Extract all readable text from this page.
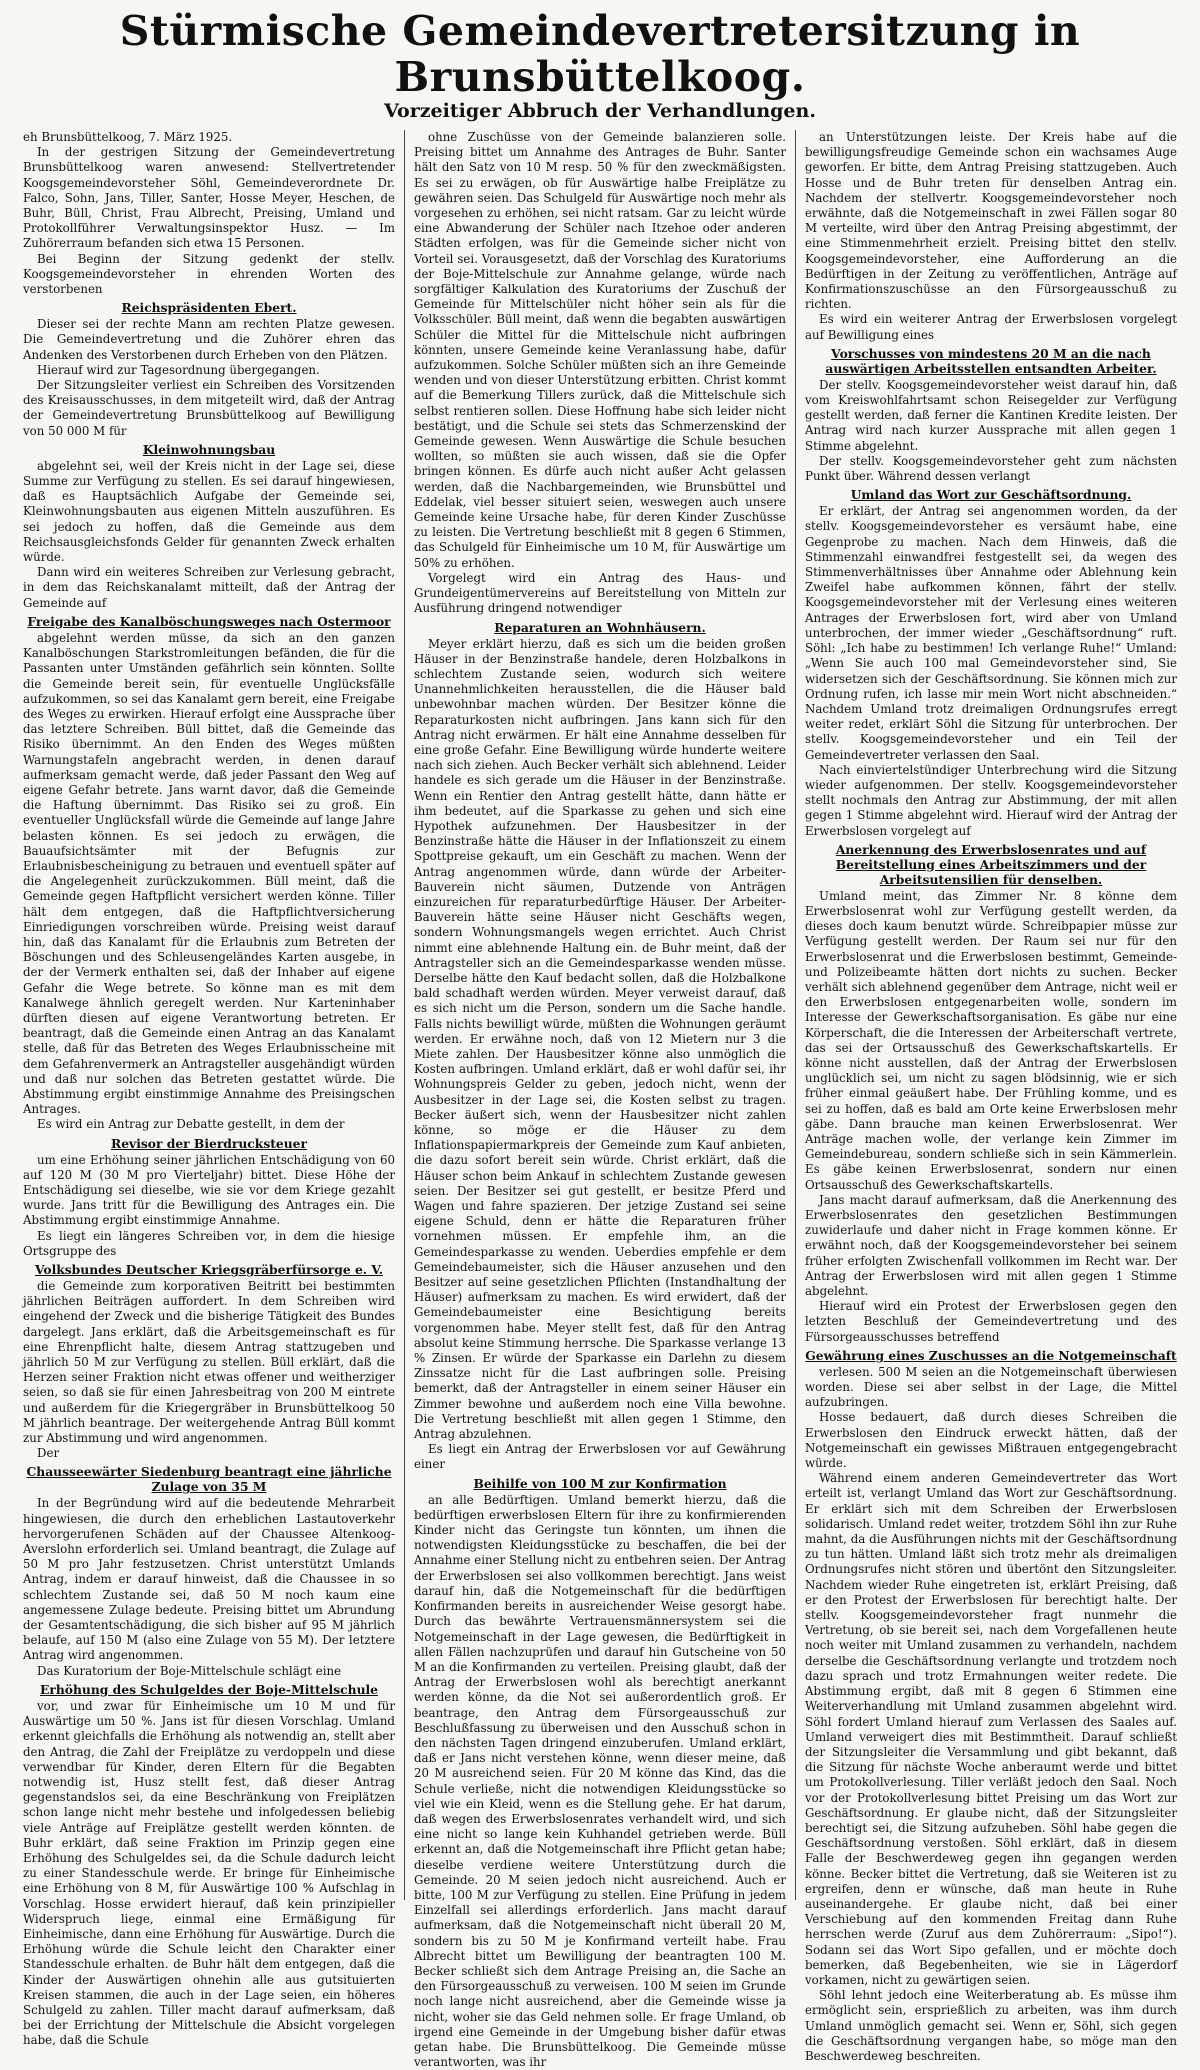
Stürmische Gemeindevertretersitzung in Brunsbüttelkoog.
Vorzeitiger Abbruch der Verhandlungen.

eh Brunsbüttelkoog, 7. März 1925.

In der gestrigen Sitzung der Gemeindevertretung Brunsbüttelkoog waren anwesend: Stellvertretender Koogsgemeindevorsteher Söhl, Gemeindeverordnete Dr. Falco, Sohn, Jans, Tiller, Santer, Hosse Meyer, Heschen, de Buhr, Büll, Christ, Frau Albrecht, Preising, Umland und Protokollführer Verwaltungsinspektor Husz. — Im Zuhörerraum befanden sich etwa 15 Personen.

Bei Beginn der Sitzung gedenkt der stellv. Koogsgemeindevorsteher in ehrenden Worten des verstorbenen

Reichspräsidenten Ebert.

Dieser sei der rechte Mann am rechten Platze gewesen. Die Gemeindevertretung und die Zuhörer ehren das Andenken des Verstorbenen durch Erheben von den Plätzen.

Hierauf wird zur Tagesordnung übergegangen.

Der Sitzungsleiter verliest ein Schreiben des Vorsitzenden des Kreisausschusses, in dem mitgeteilt wird, daß der Antrag der Gemeindevertretung Brunsbüttelkoog auf Bewilligung von 50 000 M für

Kleinwohnungsbau

abgelehnt sei, weil der Kreis nicht in der Lage sei, diese Summe zur Verfügung zu stellen. Es sei darauf hingewiesen, daß es Hauptsächlich Aufgabe der Gemeinde sei, Kleinwohnungsbauten aus eigenen Mitteln auszuführen. Es sei jedoch zu hoffen, daß die Gemeinde aus dem Reichsausgleichsfonds Gelder für genannten Zweck erhalten würde.

Dann wird ein weiteres Schreiben zur Verlesung gebracht, in dem das Reichskanalamt mitteilt, daß der Antrag der Gemeinde auf

Freigabe des Kanalböschungsweges nach Ostermoor

abgelehnt werden müsse, da sich an den ganzen Kanalböschungen Starkstromleitungen befänden, die für die Passanten unter Umständen gefährlich sein könnten. Sollte die Gemeinde bereit sein, für eventuelle Unglücksfälle aufzukommen, so sei das Kanalamt gern bereit, eine Freigabe des Weges zu erwirken. Hierauf erfolgt eine Aussprache über das letztere Schreiben. Büll bittet, daß die Gemeinde das Risiko übernimmt. An den Enden des Weges müßten Warnungstafeln angebracht werden, in denen darauf aufmerksam gemacht werde, daß jeder Passant den Weg auf eigene Gefahr betrete. Jans warnt davor, daß die Gemeinde die Haftung übernimmt. Das Risiko sei zu groß. Ein eventueller Unglücksfall würde die Gemeinde auf lange Jahre belasten können. Es sei jedoch zu erwägen, die Bauaufsichtsämter mit der Befugnis zur Erlaubnisbescheinigung zu betrauen und eventuell später auf die Angelegenheit zurückzukommen. Büll meint, daß die Gemeinde gegen Haftpflicht versichert werden könne. Tiller hält dem entgegen, daß die Haftpflichtversicherung Einriedigungen vorschreiben würde. Preising weist darauf hin, daß das Kanalamt für die Erlaubnis zum Betreten der Böschungen und des Schleusengeländes Karten ausgebe, in der der Vermerk enthalten sei, daß der Inhaber auf eigene Gefahr die Wege betrete. So könne man es mit dem Kanalwege ähnlich geregelt werden. Nur Karteninhaber dürften diesen auf eigene Verantwortung betreten. Er beantragt, daß die Gemeinde einen Antrag an das Kanalamt stelle, daß für das Betreten des Weges Erlaubnisscheine mit dem Gefahrenvermerk an Antragsteller ausgehändigt würden und daß nur solchen das Betreten gestattet würde. Die Abstimmung ergibt einstimmige Annahme des Preisingschen Antrages.

Es wird ein Antrag zur Debatte gestellt, in dem der

Revisor der Bierdrucksteuer

um eine Erhöhung seiner jährlichen Entschädigung von 60 auf 120 M (30 M pro Vierteljahr) bittet. Diese Höhe der Entschädigung sei dieselbe, wie sie vor dem Kriege gezahlt wurde. Jans tritt für die Bewilligung des Antrages ein. Die Abstimmung ergibt einstimmige Annahme.

Es liegt ein längeres Schreiben vor, in dem die hiesige Ortsgruppe des

Volksbundes Deutscher Kriegsgräberfürsorge e. V.

die Gemeinde zum korporativen Beitritt bei bestimmten jährlichen Beiträgen auffordert. In dem Schreiben wird eingehend der Zweck und die bisherige Tätigkeit des Bundes dargelegt. Jans erklärt, daß die Arbeitsgemeinschaft es für eine Ehrenpflicht halte, diesem Antrag stattzugeben und jährlich 50 M zur Verfügung zu stellen. Büll erklärt, daß die Herzen seiner Fraktion nicht etwas offener und weitherziger seien, so daß sie für einen Jahresbeitrag von 200 M eintrete und außerdem für die Kriegergräber in Brunsbüttelkoog 50 M jährlich beantrage. Der weitergehende Antrag Büll kommt zur Abstimmung und wird angenommen.

Der

Chausseewärter Siedenburg beantragt eine jährliche Zulage von 35 M

In der Begründung wird auf die bedeutende Mehrarbeit hingewiesen, die durch den erheblichen Lastautoverkehr hervorgerufenen Schäden auf der Chaussee Altenkoog-Averslohn erforderlich sei. Umland beantragt, die Zulage auf 50 M pro Jahr festzusetzen. Christ unterstützt Umlands Antrag, indem er darauf hinweist, daß die Chaussee in so schlechtem Zustande sei, daß 50 M noch kaum eine angemessene Zulage bedeute. Preising bittet um Abrundung der Gesamtentschädigung, die sich bisher auf 95 M jährlich belaufe, auf 150 M (also eine Zulage von 55 M). Der letztere Antrag wird angenommen.

Das Kuratorium der Boje-Mittelschule schlägt eine

Erhöhung des Schulgeldes der Boje-Mittelschule

vor, und zwar für Einheimische um 10 M und für Auswärtige um 50 %. Jans ist für diesen Vorschlag. Umland erkennt gleichfalls die Erhöhung als notwendig an, stellt aber den Antrag, die Zahl der Freiplätze zu verdoppeln und diese verwendbar für Kinder, deren Eltern für die Begabten notwendig ist, Husz stellt fest, daß dieser Antrag gegenstandslos sei, da eine Beschränkung von Freiplätzen schon lange nicht mehr bestehe und infolgedessen beliebig viele Anträge auf Freiplätze gestellt werden könnten. de Buhr erklärt, daß seine Fraktion im Prinzip gegen eine Erhöhung des Schulgeldes sei, da die Schule dadurch leicht zu einer Standesschule werde. Er bringe für Einheimische eine Erhöhung von 8 M, für Auswärtige 100 % Aufschlag in Vorschlag. Hosse erwidert hierauf, daß kein prinzipieller Widerspruch liege, einmal eine Ermäßigung für Einheimische, dann eine Erhöhung für Auswärtige. Durch die Erhöhung würde die Schule leicht den Charakter einer Standesschule erhalten. de Buhr hält dem entgegen, daß die Kinder der Auswärtigen ohnehin alle aus gutsituierten Kreisen stammen, die auch in der Lage seien, ein höheres Schulgeld zu zahlen. Tiller macht darauf aufmerksam, daß bei der Errichtung der Mittelschule die Absicht vorgelegen habe, daß die Schule

ohne Zuschüsse von der Gemeinde balanzieren solle. Preising bittet um Annahme des Antrages de Buhr. Santer hält den Satz von 10 M resp. 50 % für den zweckmäßigsten. Es sei zu erwägen, ob für Auswärtige halbe Freiplätze zu gewähren seien. Das Schulgeld für Auswärtige noch mehr als vorgesehen zu erhöhen, sei nicht ratsam. Gar zu leicht würde eine Abwanderung der Schüler nach Itzehoe oder anderen Städten erfolgen, was für die Gemeinde sicher nicht von Vorteil sei. Vorausgesetzt, daß der Vorschlag des Kuratoriums der Boje-Mittelschule zur Annahme gelange, würde nach sorgfältiger Kalkulation des Kuratoriums der Zuschuß der Gemeinde für Mittelschüler nicht höher sein als für die Volksschüler. Büll meint, daß wenn die begabten auswärtigen Schüler die Mittel für die Mittelschule nicht aufbringen könnten, unsere Gemeinde keine Veranlassung habe, dafür aufzukommen. Solche Schüler müßten sich an ihre Gemeinde wenden und von dieser Unterstützung erbitten. Christ kommt auf die Bemerkung Tillers zurück, daß die Mittelschule sich selbst rentieren sollen. Diese Hoffnung habe sich leider nicht bestätigt, und die Schule sei stets das Schmerzenskind der Gemeinde gewesen. Wenn Auswärtige die Schule besuchen wollten, so müßten sie auch wissen, daß sie die Opfer bringen können. Es dürfe auch nicht außer Acht gelassen werden, daß die Nachbargemeinden, wie Brunsbüttel und Eddelak, viel besser situiert seien, weswegen auch unsere Gemeinde keine Ursache habe, für deren Kinder Zuschüsse zu leisten. Die Vertretung beschließt mit 8 gegen 6 Stimmen, das Schulgeld für Einheimische um 10 M, für Auswärtige um 50% zu erhöhen.

Vorgelegt wird ein Antrag des Haus- und Grundeigentümervereins auf Bereitstellung von Mitteln zur Ausführung dringend notwendiger

Reparaturen an Wohnhäusern.

Meyer erklärt hierzu, daß es sich um die beiden großen Häuser in der Benzinstraße handele, deren Holzbalkons in schlechtem Zustande seien, wodurch sich weitere Unannehmlichkeiten herausstellen, die die Häuser bald unbewohnbar machen würden. Der Besitzer könne die Reparaturkosten nicht aufbringen. Jans kann sich für den Antrag nicht erwärmen. Er hält eine Annahme desselben für eine große Gefahr. Eine Bewilligung würde hunderte weitere nach sich ziehen. Auch Becker verhält sich ablehnend. Leider handele es sich gerade um die Häuser in der Benzinstraße. Wenn ein Rentier den Antrag gestellt hätte, dann hätte er ihm bedeutet, auf die Sparkasse zu gehen und sich eine Hypothek aufzunehmen. Der Hausbesitzer in der Benzinstraße hätte die Häuser in der Inflationszeit zu einem Spottpreise gekauft, um ein Geschäft zu machen. Wenn der Antrag angenommen würde, dann würde der Arbeiter-Bauverein nicht säumen, Dutzende von Anträgen einzureichen für reparaturbedürftige Häuser. Der Arbeiter-Bauverein hätte seine Häuser nicht Geschäfts wegen, sondern Wohnungsmangels wegen errichtet. Auch Christ nimmt eine ablehnende Haltung ein. de Buhr meint, daß der Antragsteller sich an die Gemeindesparkasse wenden müsse. Derselbe hätte den Kauf bedacht sollen, daß die Holzbalkone bald schadhaft werden würden. Meyer verweist darauf, daß es sich nicht um die Person, sondern um die Sache handle. Falls nichts bewilligt würde, müßten die Wohnungen geräumt werden. Er erwähne noch, daß von 12 Mietern nur 3 die Miete zahlen. Der Hausbesitzer könne also unmöglich die Kosten aufbringen. Umland erklärt, daß er wohl dafür sei, ihr Wohnungspreis Gelder zu geben, jedoch nicht, wenn der Ausbesitzer in der Lage sei, die Kosten selbst zu tragen. Becker äußert sich, wenn der Hausbesitzer nicht zahlen könne, so möge er die Häuser zu dem Inflationspapiermarkpreis der Gemeinde zum Kauf anbieten, die dazu sofort bereit sein würde. Christ erklärt, daß die Häuser schon beim Ankauf in schlechtem Zustande gewesen seien. Der Besitzer sei gut gestellt, er besitze Pferd und Wagen und fahre spazieren. Der jetzige Zustand sei seine eigene Schuld, denn er hätte die Reparaturen früher vornehmen müssen. Er empfehle ihm, an die Gemeindesparkasse zu wenden. Ueberdies empfehle er dem Gemeindebaumeister, sich die Häuser anzusehen und den Besitzer auf seine gesetzlichen Pflichten (Instandhaltung der Häuser) aufmerksam zu machen. Es wird erwidert, daß der Gemeindebaumeister eine Besichtigung bereits vorgenommen habe. Meyer stellt fest, daß für den Antrag absolut keine Stimmung herrsche. Die Sparkasse verlange 13 % Zinsen. Er würde der Sparkasse ein Darlehn zu diesem Zinssatze nicht für die Last aufbringen solle. Preising bemerkt, daß der Antragsteller in einem seiner Häuser ein Zimmer bewohne und außerdem noch eine Villa bewohne. Die Vertretung beschließt mit allen gegen 1 Stimme, den Antrag abzulehnen.

Es liegt ein Antrag der Erwerbslosen vor auf Gewährung einer

Beihilfe von 100 M zur Konfirmation

an alle Bedürftigen. Umland bemerkt hierzu, daß die bedürftigen erwerbslosen Eltern für ihre zu konfirmierenden Kinder nicht das Geringste tun könnten, um ihnen die notwendigsten Kleidungsstücke zu beschaffen, die bei der Annahme einer Stellung nicht zu entbehren seien. Der Antrag der Erwerbslosen sei also vollkommen berechtigt. Jans weist darauf hin, daß die Notgemeinschaft für die bedürftigen Konfirmanden bereits in ausreichender Weise gesorgt habe. Durch das bewährte Vertrauensmännersystem sei die Notgemeinschaft in der Lage gewesen, die Bedürftigkeit in allen Fällen nachzuprüfen und darauf hin Gutscheine von 50 M an die Konfirmanden zu verteilen. Preising glaubt, daß der Antrag der Erwerbslosen wohl als berechtigt anerkannt werden könne, da die Not sei außerordentlich groß. Er beantrage, den Antrag dem Fürsorgeausschuß zur Beschlußfassung zu überweisen und den Ausschuß schon in den nächsten Tagen dringend einzuberufen. Umland erklärt, daß er Jans nicht verstehen könne, wenn dieser meine, daß 20 M ausreichend seien. Für 20 M könne das Kind, das die Schule verließe, nicht die notwendigen Kleidungsstücke so viel wie ein Kleid, wenn es die Stellung gehe. Er hat darum, daß wegen des Erwerbslosenrates verhandelt wird, und sich eine nicht so lange kein Kuhhandel getrieben werde. Büll erkennt an, daß die Notgemeinschaft ihre Pflicht getan habe; dieselbe verdiene weitere Unterstützung durch die Gemeinde. 20 M seien jedoch nicht ausreichend. Auch er bitte, 100 M zur Verfügung zu stellen. Eine Prüfung in jedem Einzelfall sei allerdings erforderlich. Jans macht darauf aufmerksam, daß die Notgemeinschaft nicht überall 20 M, sondern bis zu 50 M je Konfirmand verteilt habe. Frau Albrecht bittet um Bewilligung der beantragten 100 M. Becker schließt sich dem Antrage Preising an, die Sache an den Fürsorgeausschuß zu verweisen. 100 M seien im Grunde noch lange nicht ausreichend, aber die Gemeinde wisse ja nicht, woher sie das Geld nehmen solle. Er frage Umland, ob irgend eine Gemeinde in der Umgebung bisher dafür etwas getan habe. Die Brunsbüttelkoog. Die Gemeinde müsse verantworten, was ihr

an Unterstützungen leiste. Der Kreis habe auf die bewilligungsfreudige Gemeinde schon ein wachsames Auge geworfen. Er bitte, dem Antrag Preising stattzugeben. Auch Hosse und de Buhr treten für denselben Antrag ein. Nachdem der stellvertr. Koogsgemeindevorsteher noch erwähnte, daß die Notgemeinschaft in zwei Fällen sogar 80 M verteilte, wird über den Antrag Preising abgestimmt, der eine Stimmenmehrheit erzielt. Preising bittet den stellv. Koogsgemeindevorsteher, eine Aufforderung an die Bedürftigen in der Zeitung zu veröffentlichen, Anträge auf Konfirmationszuschüsse an den Fürsorgeausschuß zu richten.

Es wird ein weiterer Antrag der Erwerbslosen vorgelegt auf Bewilligung eines

Vorschusses von mindestens 20 M an die nach auswärtigen Arbeitsstellen entsandten Arbeiter.

Der stellv. Koogsgemeindevorsteher weist darauf hin, daß vom Kreiswohlfahrtsamt schon Reisegelder zur Verfügung gestellt werden, daß ferner die Kantinen Kredite leisten. Der Antrag wird nach kurzer Aussprache mit allen gegen 1 Stimme abgelehnt.

Der stellv. Koogsgemeindevorsteher geht zum nächsten Punkt über. Während dessen verlangt

Umland das Wort zur Geschäftsordnung.

Er erklärt, der Antrag sei angenommen worden, da der stellv. Koogsgemeindevorsteher es versäumt habe, eine Gegenprobe zu machen. Nach dem Hinweis, daß die Stimmenzahl einwandfrei festgestellt sei, da wegen des Stimmenverhältnisses über Annahme oder Ablehnung kein Zweifel habe aufkommen können, fährt der stellv. Koogsgemeindevorsteher mit der Verlesung eines weiteren Antrages der Erwerbslosen fort, wird aber von Umland unterbrochen, der immer wieder „Geschäftsordnung“ ruft. Söhl: „Ich habe zu bestimmen! Ich verlange Ruhe!“ Umland: „Wenn Sie auch 100 mal Gemeindevorsteher sind, Sie widersetzen sich der Geschäftsordnung. Sie können mich zur Ordnung rufen, ich lasse mir mein Wort nicht abschneiden.“ Nachdem Umland trotz dreimaligen Ordnungsrufes erregt weiter redet, erklärt Söhl die Sitzung für unterbrochen. Der stellv. Koogsgemeindevorsteher und ein Teil der Gemeindevertreter verlassen den Saal.

Nach einviertelstündiger Unterbrechung wird die Sitzung wieder aufgenommen. Der stellv. Koogsgemeindevorsteher stellt nochmals den Antrag zur Abstimmung, der mit allen gegen 1 Stimme abgelehnt wird. Hierauf wird der Antrag der Erwerbslosen vorgelegt auf

Anerkennung des Erwerbslosenrates und auf Bereitstellung eines Arbeitszimmers und der Arbeitsutensilien für denselben.

Umland meint, das Zimmer Nr. 8 könne dem Erwerbslosenrat wohl zur Verfügung gestellt werden, da dieses doch kaum benutzt würde. Schreibpapier müsse zur Verfügung gestellt werden. Der Raum sei nur für den Erwerbslosenrat und die Erwerbslosen bestimmt, Gemeinde- und Polizeibeamte hätten dort nichts zu suchen. Becker verhält sich ablehnend gegenüber dem Antrage, nicht weil er den Erwerbslosen entgegenarbeiten wolle, sondern im Interesse der Gewerkschaftsorganisation. Es gäbe nur eine Körperschaft, die die Interessen der Arbeiterschaft vertrete, das sei der Ortsausschuß des Gewerkschaftskartells. Er könne nicht ausstellen, daß der Antrag der Erwerbslosen unglücklich sei, um nicht zu sagen blödsinnig, wie er sich früher einmal geäußert habe. Der Frühling komme, und es sei zu hoffen, daß es bald am Orte keine Erwerbslosen mehr gäbe. Dann brauche man keinen Erwerbslosenrat. Wer Anträge machen wolle, der verlange kein Zimmer im Gemeindebureau, sondern schließe sich in sein Kämmerlein. Es gäbe keinen Erwerbslosenrat, sondern nur einen Ortsausschuß des Gewerkschaftskartells.

Jans macht darauf aufmerksam, daß die Anerkennung des Erwerbslosenrates den gesetzlichen Bestimmungen zuwiderlaufe und daher nicht in Frage kommen könne. Er erwähnt noch, daß der Koogsgemeindevorsteher bei seinem früher erfolgten Zwischenfall vollkommen im Recht war. Der Antrag der Erwerbslosen wird mit allen gegen 1 Stimme abgelehnt.

Hierauf wird ein Protest der Erwerbslosen gegen den letzten Beschluß der Gemeindevertretung und des Fürsorgeausschusses betreffend

Gewährung eines Zuschusses an die Notgemeinschaft

verlesen. 500 M seien an die Notgemeinschaft überwiesen worden. Diese sei aber selbst in der Lage, die Mittel aufzubringen.

Hosse bedauert, daß durch dieses Schreiben die Erwerbslosen den Eindruck erweckt hätten, daß der Notgemeinschaft ein gewisses Mißtrauen entgegengebracht würde.

Während einem anderen Gemeindevertreter das Wort erteilt ist, verlangt Umland das Wort zur Geschäftsordnung. Er erklärt sich mit dem Schreiben der Erwerbslosen solidarisch. Umland redet weiter, trotzdem Söhl ihn zur Ruhe mahnt, da die Ausführungen nichts mit der Geschäftsordnung zu tun hätten. Umland läßt sich trotz mehr als dreimaligen Ordnungsrufes nicht stören und übertönt den Sitzungsleiter. Nachdem wieder Ruhe eingetreten ist, erklärt Preising, daß er den Protest der Erwerbslosen für berechtigt halte. Der stellv. Koogsgemeindevorsteher fragt nunmehr die Vertretung, ob sie bereit sei, nach dem Vorgefallenen heute noch weiter mit Umland zusammen zu verhandeln, nachdem derselbe die Geschäftsordnung verlangte und trotzdem noch dazu sprach und trotz Ermahnungen weiter redete. Die Abstimmung ergibt, daß mit 8 gegen 6 Stimmen eine Weiterverhandlung mit Umland zusammen abgelehnt wird. Söhl fordert Umland hierauf zum Verlassen des Saales auf. Umland verweigert dies mit Bestimmtheit. Darauf schließt der Sitzungsleiter die Versammlung und gibt bekannt, daß die Sitzung für nächste Woche anberaumt werde und bittet um Protokollverlesung. Tiller verläßt jedoch den Saal. Noch vor der Protokollverlesung bittet Preising um das Wort zur Geschäftsordnung. Er glaube nicht, daß der Sitzungsleiter berechtigt sei, die Sitzung aufzuheben. Söhl habe gegen die Geschäftsordnung verstoßen. Söhl erklärt, daß in diesem Falle der Beschwerdeweg gegen ihn gegangen werden könne. Becker bittet die Vertretung, daß sie Weiteren ist zu ergreifen, denn er wünsche, daß man heute in Ruhe auseinandergehe. Er glaube nicht, daß bei einer Verschiebung auf den kommenden Freitag dann Ruhe herrschen werde (Zuruf aus dem Zuhörerraum: „Sipo!“). Sodann sei das Wort Sipo gefallen, und er möchte doch bemerken, daß Begebenheiten, wie sie in Lägerdorf vorkamen, nicht zu gewärtigen seien.

Söhl lehnt jedoch eine Weiterberatung ab. Es müsse ihm ermöglicht sein, ersprießlich zu arbeiten, was ihm durch Umland unmöglich gemacht sei. Wenn er, Söhl, sich gegen die Geschäftsordnung vergangen habe, so möge man den Beschwerdeweg beschreiten.
